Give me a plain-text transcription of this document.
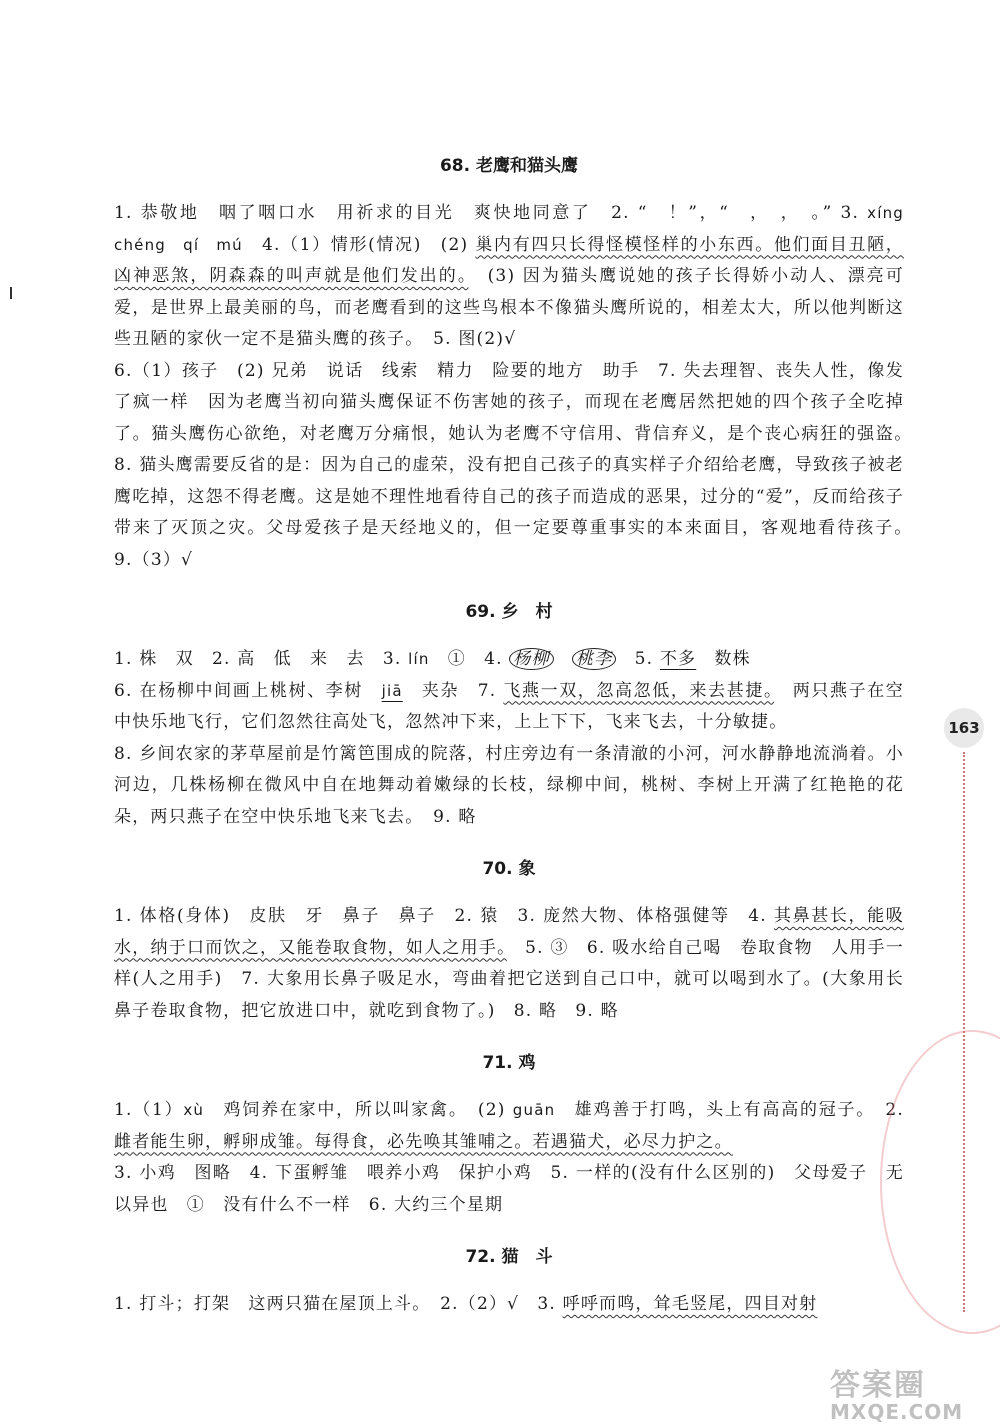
68. 老鹰和猫头鹰

1. 恭敬地　咽了咽口水　用祈求的目光　爽快地同意了　2. “　！”，“　，　，　。” 3. xíng　chéng　qí　mú　4.（1）情形(情况)　(2) 巢内有四只长得怪模怪样的小东西。他们面目丑陋，凶神恶煞，阴森森的叫声就是他们发出的。　(3) 因为猫头鹰说她的孩子长得娇小动人、漂亮可爱，是世界上最美丽的鸟，而老鹰看到的这些鸟根本不像猫头鹰所说的，相差太大，所以他判断这些丑陋的家伙一定不是猫头鹰的孩子。　5. 图(2)√

6.（1）孩子　(2) 兄弟　说话　线索　精力　险要的地方　助手　7. 失去理智、丧失人性，像发了疯一样　因为老鹰当初向猫头鹰保证不伤害她的孩子，而现在老鹰居然把她的四个孩子全吃掉了。猫头鹰伤心欲绝，对老鹰万分痛恨，她认为老鹰不守信用、背信弃义，是个丧心病狂的强盗。　8. 猫头鹰需要反省的是：因为自己的虚荣，没有把自己孩子的真实样子介绍给老鹰，导致孩子被老鹰吃掉，这怨不得老鹰。这是她不理性地看待自己的孩子而造成的恶果，过分的“爱”，反而给孩子带来了灭顶之灾。父母爱孩子是天经地义的，但一定要尊重事实的本来面目，客观地看待孩子。　9.（3）√

69. 乡　村

1. 株　双　2. 高　低　来　去　3. lín　①　4. 杨柳　 桃李　5. 不多　数株

6. 在杨柳中间画上桃树、李树　jiā　夹杂　7. 飞燕一双，忽高忽低，来去甚捷。　两只燕子在空中快乐地飞行，它们忽然往高处飞，忽然冲下来，上上下下，飞来飞去，十分敏捷。

8. 乡间农家的茅草屋前是竹篱笆围成的院落，村庄旁边有一条清澈的小河，河水静静地流淌着。小河边，几株杨柳在微风中自在地舞动着嫩绿的长枝，绿柳中间，桃树、李树上开满了红艳艳的花朵，两只燕子在空中快乐地飞来飞去。　9. 略

70. 象

1. 体格(身体)　皮肤　牙　鼻子　鼻子　2. 猿　3. 庞然大物、体格强健等　4. 其鼻甚长，能吸水，纳于口而饮之，又能卷取食物，如人之用手。　5. ③　6. 吸水给自己喝　卷取食物　人用手一样(人之用手)　7. 大象用长鼻子吸足水，弯曲着把它送到自己口中，就可以喝到水了。(大象用长鼻子卷取食物，把它放进口中，就吃到食物了。)　8. 略　9. 略

71. 鸡

1.（1）xù　鸡饲养在家中，所以叫家禽。　(2) guān　雄鸡善于打鸣，头上有高高的冠子。　2. 雌者能生卵，孵卵成雏。每得食，必先唤其雏哺之。若遇猫犬，必尽力护之。

3. 小鸡　图略　4. 下蛋孵雏　喂养小鸡　保护小鸡　5. 一样的(没有什么区别的)　父母爱子　无以异也　①　没有什么不一样　6. 大约三个星期

72. 猫　斗

1. 打斗；打架　这两只猫在屋顶上斗。　2.（2）√　3. 呼呼而鸣，耸毛竖尾，四目对射

163
答案圈
MXQE.COM
